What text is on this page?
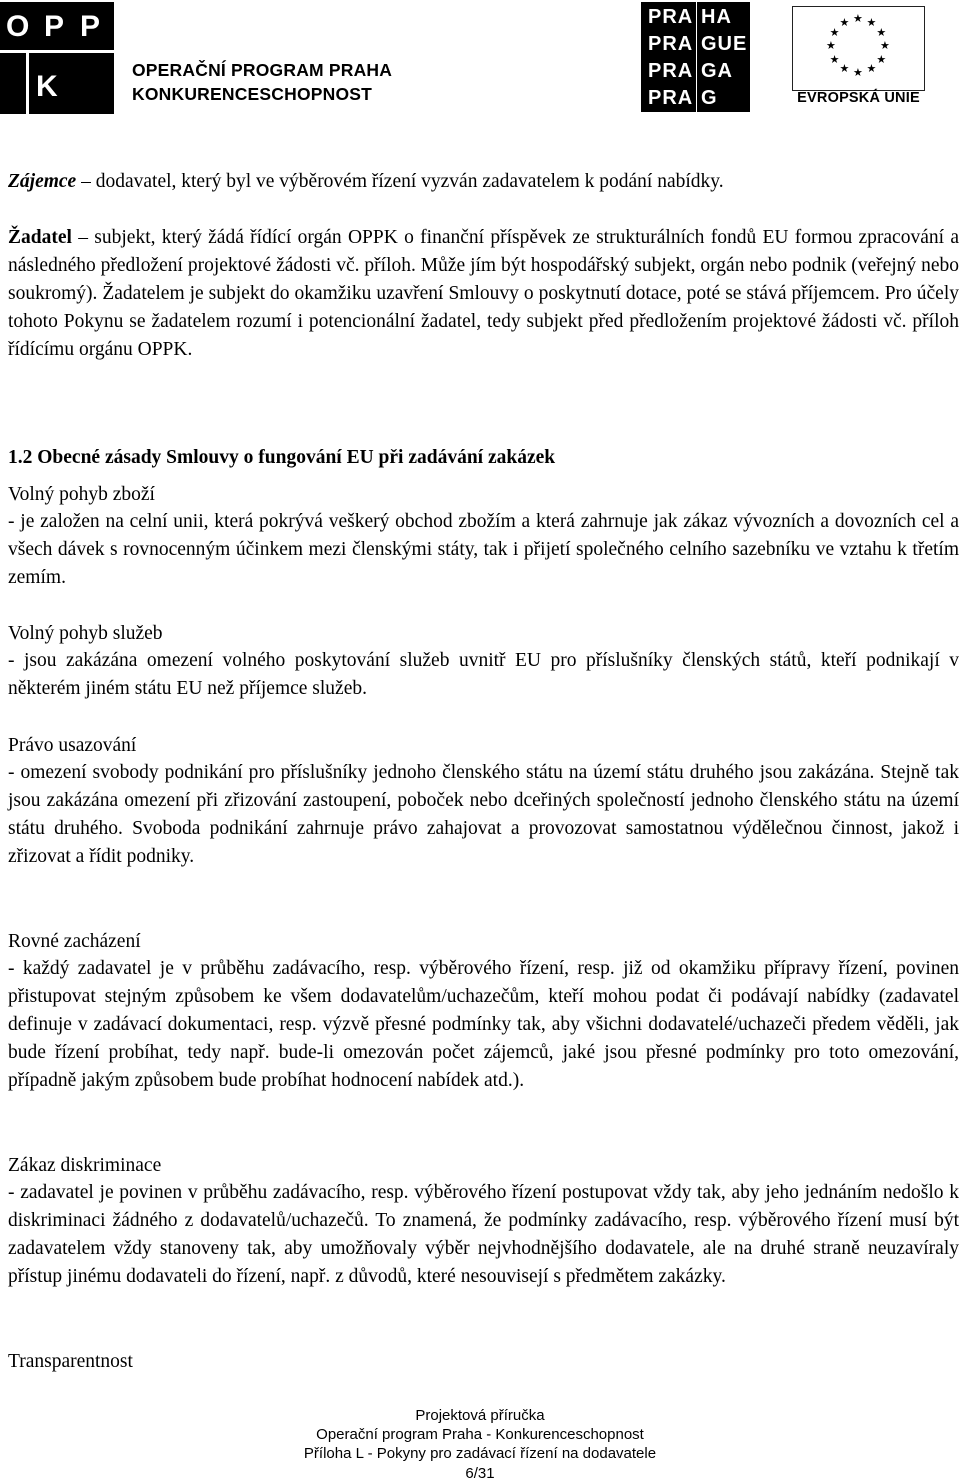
O P P
K	OPERAČNÍ PROGRAM PRAHA
KONKURENCESCHOPNOST
PRA HA
PRA GUE
PRA GA
PRA G
★ ★
★
★
★
★
★
★
★
★
★
★
EVROPSKÁ UNIE
Zájemce – dodavatel, který byl ve výběrovém řízení vyzván zadavatelem k podání nabídky.
Žadatel – subjekt, který žádá řídící orgán OPPK o finanční příspěvek ze strukturálních fondů EU formou zpracování a následného předložení projektové žádosti vč. příloh. Může jím být hospodářský subjekt, orgán nebo podnik (veřejný nebo soukromý). Žadatelem je subjekt do okamžiku uzavření Smlouvy o poskytnutí dotace, poté se stává příjemcem. Pro účely tohoto Pokynu se žadatelem rozumí i potencionální žadatel, tedy subjekt před předložením projektové žádosti vč. příloh řídícímu orgánu OPPK.
1.2 Obecné zásady Smlouvy o fungování EU při zadávání zakázek
Volný pohyb zboží
- je založen na celní unii, která pokrývá veškerý obchod zbožím a která zahrnuje jak zákaz vývozních a dovozních cel a všech dávek s rovnocenným účinkem mezi členskými státy, tak i přijetí společného celního sazebníku ve vztahu k třetím zemím.
Volný pohyb služeb
- jsou zakázána omezení volného poskytování služeb uvnitř EU pro příslušníky členských států, kteří podnikají v některém jiném státu EU než příjemce služeb.
Právo usazování
- omezení svobody podnikání pro příslušníky jednoho členského státu na území státu druhého jsou zakázána. Stejně tak jsou zakázána omezení při zřizování zastoupení, poboček nebo dceřiných společností jednoho členského státu na území státu druhého. Svoboda podnikání zahrnuje právo zahajovat a provozovat samostatnou výdělečnou činnost, jakož i zřizovat a řídit podniky.
Rovné zacházení
- každý zadavatel je v průběhu zadávacího, resp. výběrového řízení, resp. již od okamžiku přípravy řízení, povinen přistupovat stejným způsobem ke všem dodavatelům/uchazečům, kteří mohou podat či podávají nabídky (zadavatel definuje v zadávací dokumentaci, resp. výzvě přesné podmínky tak, aby všichni dodavatelé/uchazeči předem věděli, jak bude řízení probíhat, tedy např. bude-li omezován počet zájemců, jaké jsou přesné podmínky pro toto omezování, případně jakým způsobem bude probíhat hodnocení nabídek atd.).
Zákaz diskriminace
- zadavatel je povinen v průběhu zadávacího, resp. výběrového řízení postupovat vždy tak, aby jeho jednáním nedošlo k diskriminaci žádného z dodavatelů/uchazečů. To znamená, že podmínky zadávacího, resp. výběrového řízení musí být zadavatelem vždy stanoveny tak, aby umožňovaly výběr nejvhodnějšího dodavatele, ale na druhé straně neuzavíraly přístup jinému dodavateli do řízení, např. z důvodů, které nesouvisejí s předmětem zakázky.
Transparentnost
Projektová příručka
Operační program Praha - Konkurenceschopnost
Příloha L - Pokyny pro zadávací řízení na dodavatele
6/31
